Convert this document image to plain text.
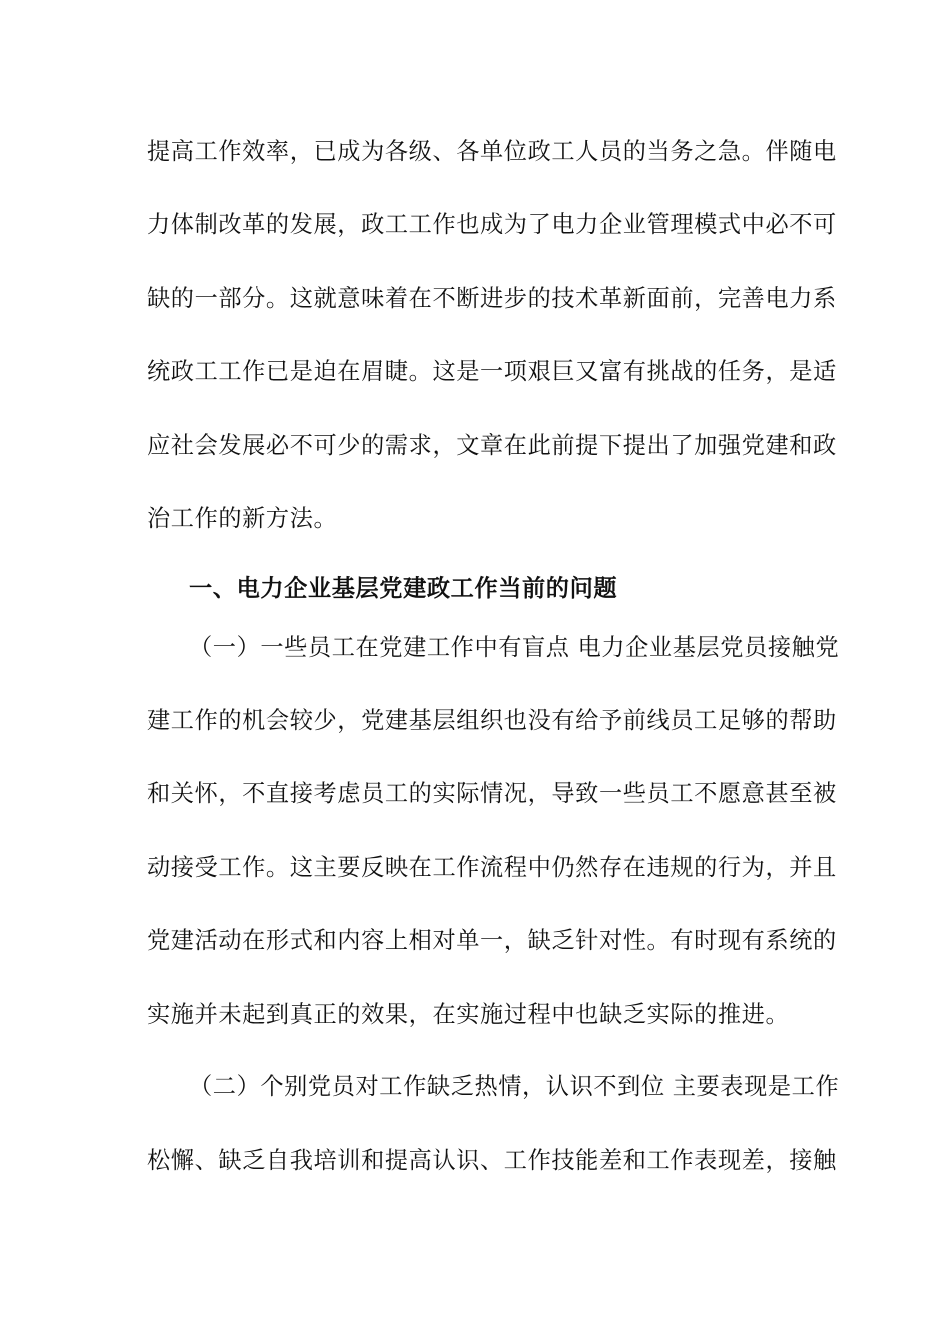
提高工作效率，已成为各级、各单位政工人员的当务之急。伴随电
力体制改革的发展，政工工作也成为了电力企业管理模式中必不可
缺的一部分。这就意味着在不断进步的技术革新面前，完善电力系
统政工工作已是迫在眉睫。这是一项艰巨又富有挑战的任务，是适
应社会发展必不可少的需求，文章在此前提下提出了加强党建和政
治工作的新方法。
一、电力企业基层党建政工作当前的问题
（一）一些员工在党建工作中有盲点 电力企业基层党员接触党
建工作的机会较少，党建基层组织也没有给予前线员工足够的帮助
和关怀，不直接考虑员工的实际情况，导致一些员工不愿意甚至被
动接受工作。这主要反映在工作流程中仍然存在违规的行为，并且
党建活动在形式和内容上相对单一，缺乏针对性。有时现有系统的
实施并未起到真正的效果，在实施过程中也缺乏实际的推进。
（二）个别党员对工作缺乏热情，认识不到位 主要表现是工作
松懈、缺乏自我培训和提高认识、工作技能差和工作表现差，接触
